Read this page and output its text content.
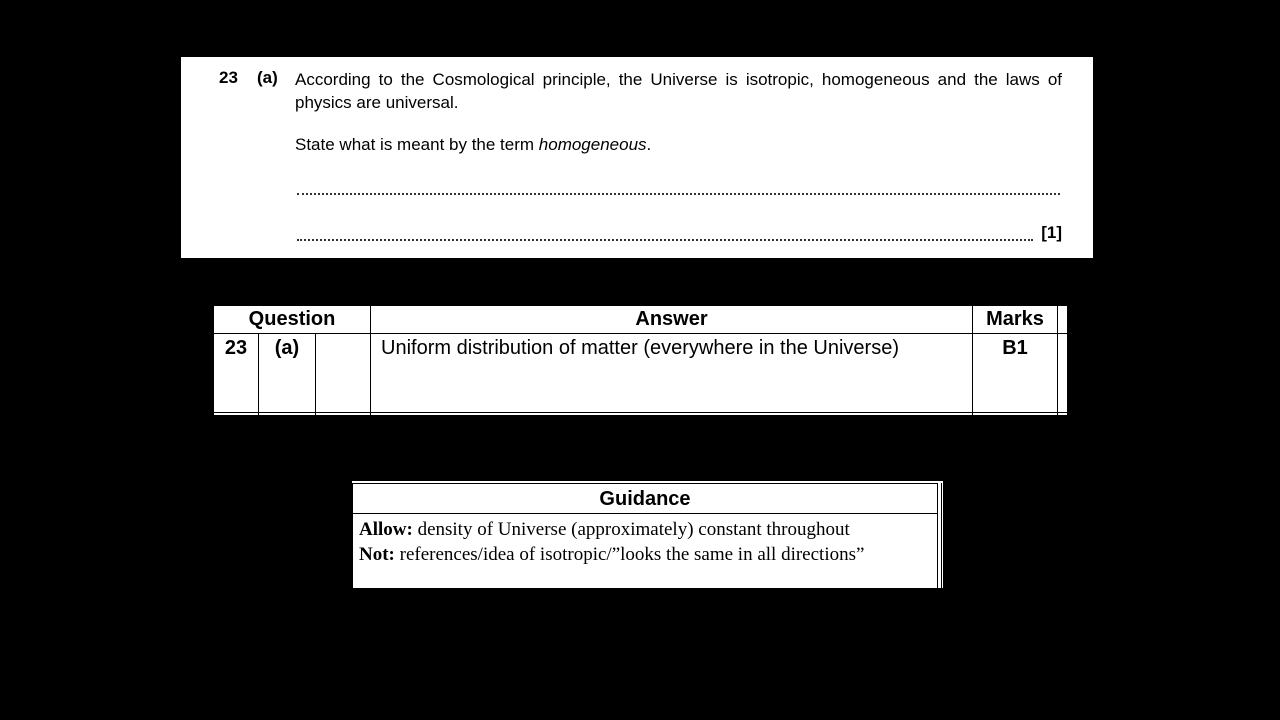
23 (a) According to the Cosmological principle, the Universe is isotropic, homogeneous and the laws of physics are universal.
State what is meant by the term homogeneous.
[1]
Question			Answer	Marks	
23	(a)		Uniform distribution of matter (everywhere in the Universe)	B1	

Guidance
Allow: density of Universe (approximately) constant throughout
Not: references/idea of isotropic/”looks the same in all directions”
